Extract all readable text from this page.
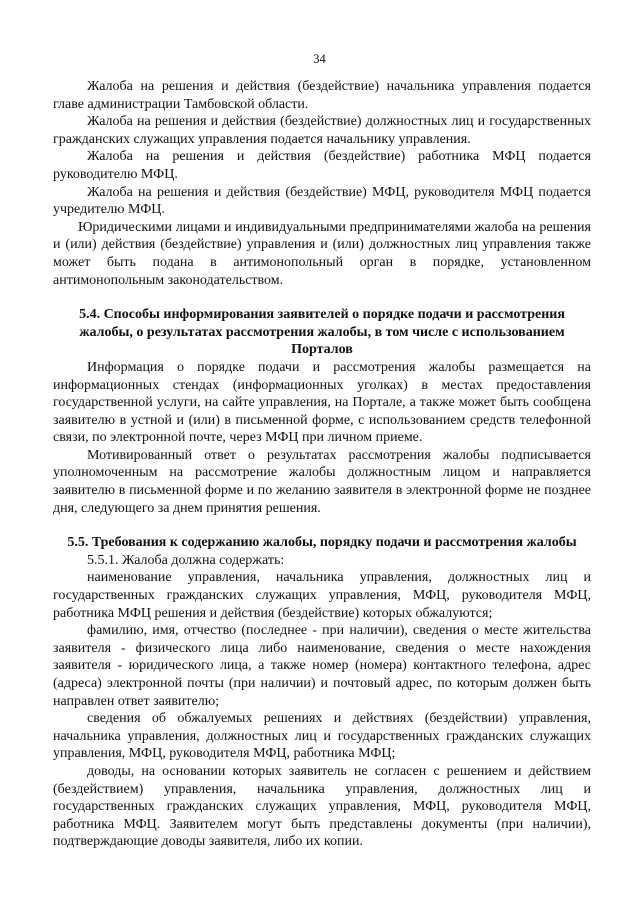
34

Жалоба на решения и действия (бездействие) начальника управления подается главе администрации Тамбовской области.

Жалоба на решения и действия (бездействие) должностных лиц и государственных гражданских служащих управления подается начальнику управления.

Жалоба на решения и действия (бездействие) работника МФЦ подается руководителю МФЦ.

Жалоба на решения и действия (бездействие) МФЦ, руководителя МФЦ подается учредителю МФЦ.

Юридическими лицами и индивидуальными предпринимателями жалоба на решения и (или) действия (бездействие) управления и (или) должностных лиц управления также может быть подана в антимонопольный орган в порядке, установленном антимонопольным законодательством.

5.4. Способы информирования заявителей о порядке подачи и рассмотрения жалобы, о результатах рассмотрения жалобы, в том числе с использованием Порталов

Информация о порядке подачи и рассмотрения жалобы размещается на информационных стендах (информационных уголках) в местах предоставления государственной услуги, на сайте управления, на Портале, а также может быть сообщена заявителю в устной и (или) в письменной форме, с использованием средств телефонной связи, по электронной почте, через МФЦ при личном приеме.

Мотивированный ответ о результатах рассмотрения жалобы подписывается уполномоченным на рассмотрение жалобы должностным лицом и направляется заявителю в письменной форме и по желанию заявителя в электронной форме не позднее дня, следующего за днем принятия решения.

5.5. Требования к содержанию жалобы, порядку подачи и рассмотрения жалобы

5.5.1. Жалоба должна содержать:

наименование управления, начальника управления, должностных лиц и государственных гражданских служащих управления, МФЦ, руководителя МФЦ, работника МФЦ решения и действия (бездействие) которых обжалуются;

фамилию, имя, отчество (последнее - при наличии), сведения о месте жительства заявителя - физического лица либо наименование, сведения о месте нахождения заявителя - юридического лица, а также номер (номера) контактного телефона, адрес (адреса) электронной почты (при наличии) и почтовый адрес, по которым должен быть направлен ответ заявителю;

сведения об обжалуемых решениях и действиях (бездействии) управления, начальника управления, должностных лиц и государственных гражданских служащих управления, МФЦ, руководителя МФЦ, работника МФЦ;

доводы, на основании которых заявитель не согласен с решением и действием (бездействием) управления, начальника управления, должностных лиц и государственных гражданских служащих управления, МФЦ, руководителя МФЦ, работника МФЦ. Заявителем могут быть представлены документы (при наличии), подтверждающие доводы заявителя, либо их копии.
